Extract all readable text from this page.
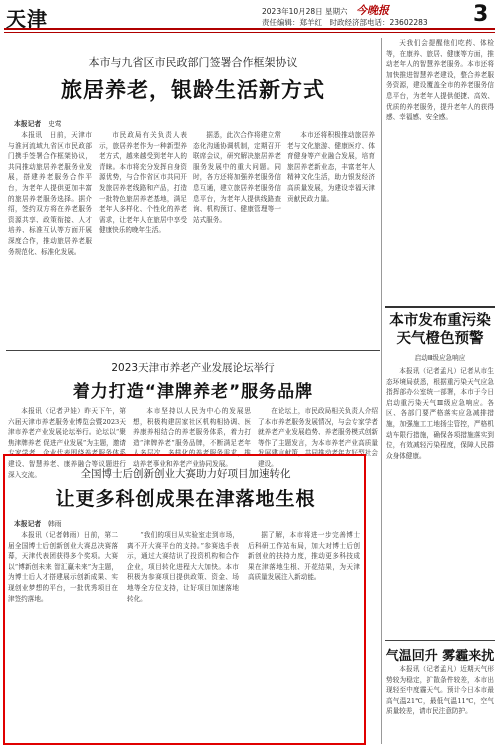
天津	2023年10月28日 星期六 今晚报
责任编辑：郑羊红　时政经济部电话：23602283	3
本市与九省区市民政部门签署合作框架协议
旅居养老，银龄生活新方式
本报记者　 史莺

本报讯　日前，天津市与淮河流域九省区市民政部门携手签署合作框架协议，共同推动旅居养老服务业发展，搭建养老服务合作平台，为老年人提供更加丰富的旅居养老服务选择。据介绍，签约双方将在养老服务资源共享、政策衔接、人才培养、标准互认等方面开展深度合作，推动旅居养老服务规范化、标准化发展。

市民政局有关负责人表示，旅居养老作为一种新型养老方式，越来越受到老年人的青睐。本市将充分发挥自身资源优势，与合作省区市共同开发旅居养老线路和产品，打造一批特色旅居养老基地，满足老年人多样化、个性化的养老需求，让老年人在旅居中享受健康快乐的晚年生活。

据悉，此次合作将建立常态化沟通协调机制，定期召开联席会议，研究解决旅居养老服务发展中的重大问题。同时，各方还将加强养老服务信息互通，建立旅居养老服务信息平台，为老年人提供线路查询、机构预订、健康管理等一站式服务。

本市还将积极推动旅居养老与文化旅游、健康医疗、体育健身等产业融合发展，培育旅居养老新业态，丰富老年人精神文化生活，助力银发经济高质量发展，为建设幸福天津贡献民政力量。

2023天津市养老产业发展论坛举行
着力打造“津牌养老”服务品牌

本报讯（记者尹娃）昨天下午，第六届天津市养老服务业博览会暨2023天津市养老产业发展论坛举行。论坛以“聚焦津牌养老 促进产业发展”为主题，邀请专家学者、企业代表围绕养老服务体系建设、智慧养老、康养融合等议题进行深入交流。

本市坚持以人民为中心的发展思想，积极构建居家社区机构相协调、医养康养相结合的养老服务体系，着力打造“津牌养老”服务品牌，不断满足老年人多层次、多样化的养老服务需求，推动养老事业和养老产业协同发展。

在论坛上，市民政局相关负责人介绍了本市养老服务发展情况，与会专家学者就养老产业发展趋势、养老服务模式创新等作了主题发言，为本市养老产业高质量发展建言献策，共同推动老年友好型社会建设。

天我们会提醒他们吃药、体检等，在康养、旅居、健康等方面，推动老年人的智慧养老服务。本市还将加快推进智慧养老建设，整合养老服务资源，建设覆盖全市的养老服务信息平台，为老年人提供便捷、高效、优质的养老服务，提升老年人的获得感、幸福感、安全感。

本市发布重污染天气橙色预警
启动Ⅲ级应急响应

本报讯（记者孟凡）记者从市生态环境局获悉，根据重污染天气应急指挥部办公室统一部署，本市于今日启动重污染天气Ⅲ级应急响应。各区、各部门要严格落实应急减排措施，加强施工工地扬尘管控，严格机动车限行措施，确保各项措施落实到位，有效减轻污染程度，保障人民群众身体健康。

气温回升 雾霾来扰

本报讯（记者孟凡）近期天气形势较为稳定，扩散条件较差，本市出现轻至中度霾天气。预计今日本市最高气温21℃，最低气温11℃，空气质量较差，请市民注意防护。

全国博士后创新创业大赛助力好项目加速转化
让更多科创成果在津落地生根
本报记者　 韩雨

本报讯（记者韩雨）日前，第二届全国博士后创新创业大赛总决赛落幕，天津代表团获得多个奖项。大赛以“博新创未来 智汇赢未来”为主题，为博士后人才搭建展示创新成果、实现创业梦想的平台，一批优秀项目在津签约落地。

“我们的项目从实验室走到市场，离不开大赛平台的支持。”参赛选手表示，通过大赛结识了投资机构和合作企业，项目转化进程大大加快。本市积极为参赛项目提供政策、资金、场地等全方位支持，让好项目加速落地转化。

据了解，本市将进一步完善博士后科研工作站布局，加大对博士后创新创业的扶持力度，推动更多科技成果在津落地生根、开花结果，为天津高质量发展注入新动能。
